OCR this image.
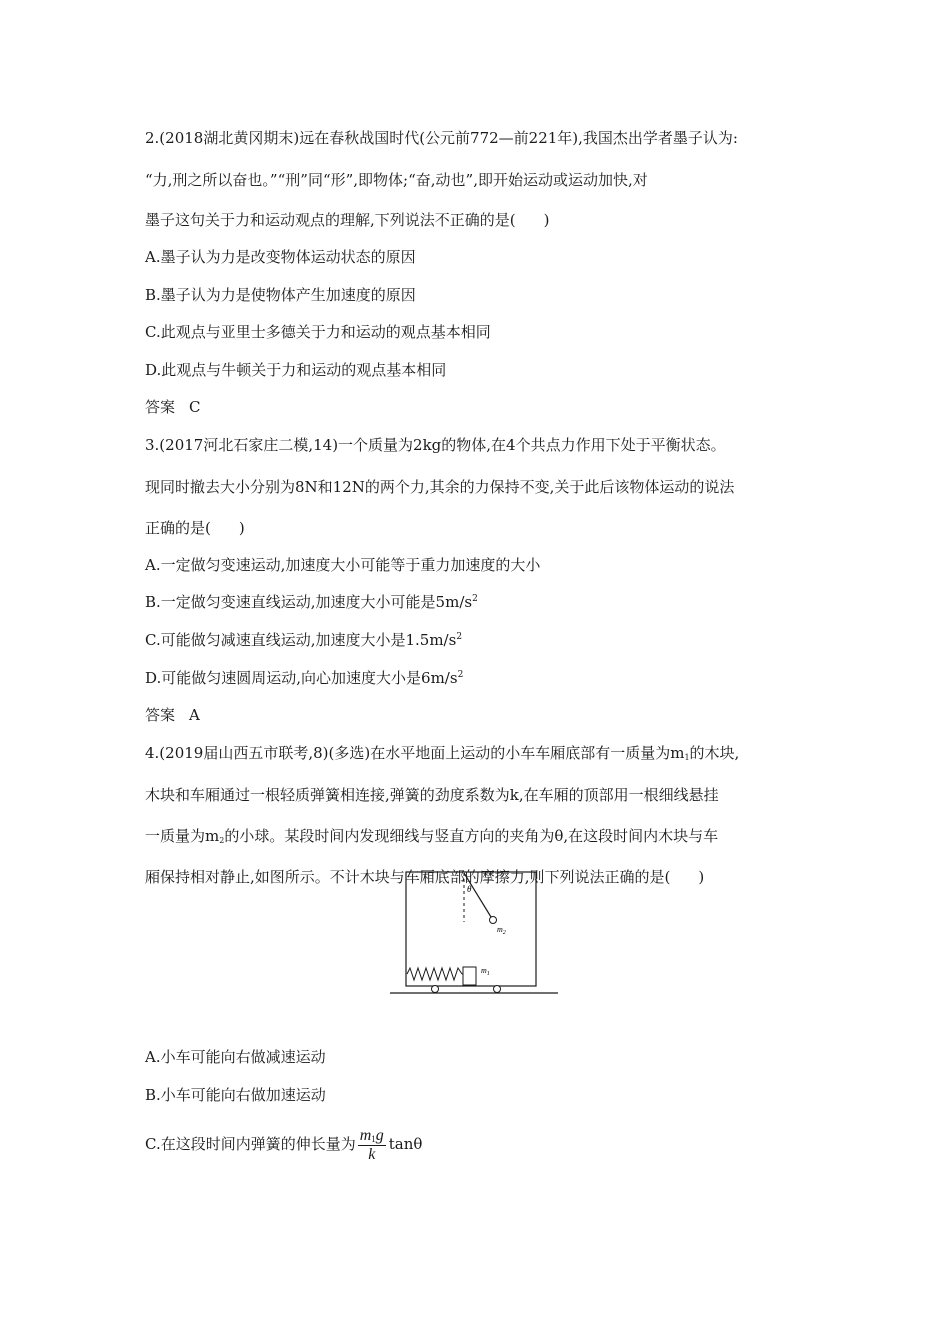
2.(2018湖北黄冈期末)远在春秋战国时代(公元前772—前221年),我国杰出学者墨子认为:

“力,刑之所以奋也。”“刑”同“形”,即物体;“奋,动也”,即开始运动或运动加快,对

墨子这句关于力和运动观点的理解,下列说法不正确的是( )

A.墨子认为力是改变物体运动状态的原因

B.墨子认为力是使物体产生加速度的原因

C.此观点与亚里士多德关于力和运动的观点基本相同

D.此观点与牛顿关于力和运动的观点基本相同

答案 C

3.(2017河北石家庄二模,14)一个质量为2kg的物体,在4个共点力作用下处于平衡状态。

现同时撤去大小分别为8N和12N的两个力,其余的力保持不变,关于此后该物体运动的说法

正确的是( )

A.一定做匀变速运动,加速度大小可能等于重力加速度的大小

B.一定做匀变速直线运动,加速度大小可能是$5m/s^2$

C.可能做匀减速直线运动,加速度大小是$1.5m/s^2$

D.可能做匀速圆周运动,向心加速度大小是$6m/s^2$

答案 A

4.(2019届山西五市联考,8)(多选)在水平地面上运动的小车车厢底部有一质量为$m_1$的木块,

木块和车厢通过一根轻质弹簧相连接,弹簧的劲度系数为k,在车厢的顶部用一根细线悬挂

一质量为$m_2$的小球。某段时间内发现细线与竖直方向的夹角为θ,在这段时间内木块与车

厢保持相对静止,如图所示。不计木块与车厢底部的摩擦力,则下列说法正确的是( )

θ
$m_2$
$m_1$

A.小车可能向右做减速运动

B.小车可能向右做加速运动

C.在这段时间内弹簧的伸长量为 $\frac{m_1g}{k}$ tanθ
